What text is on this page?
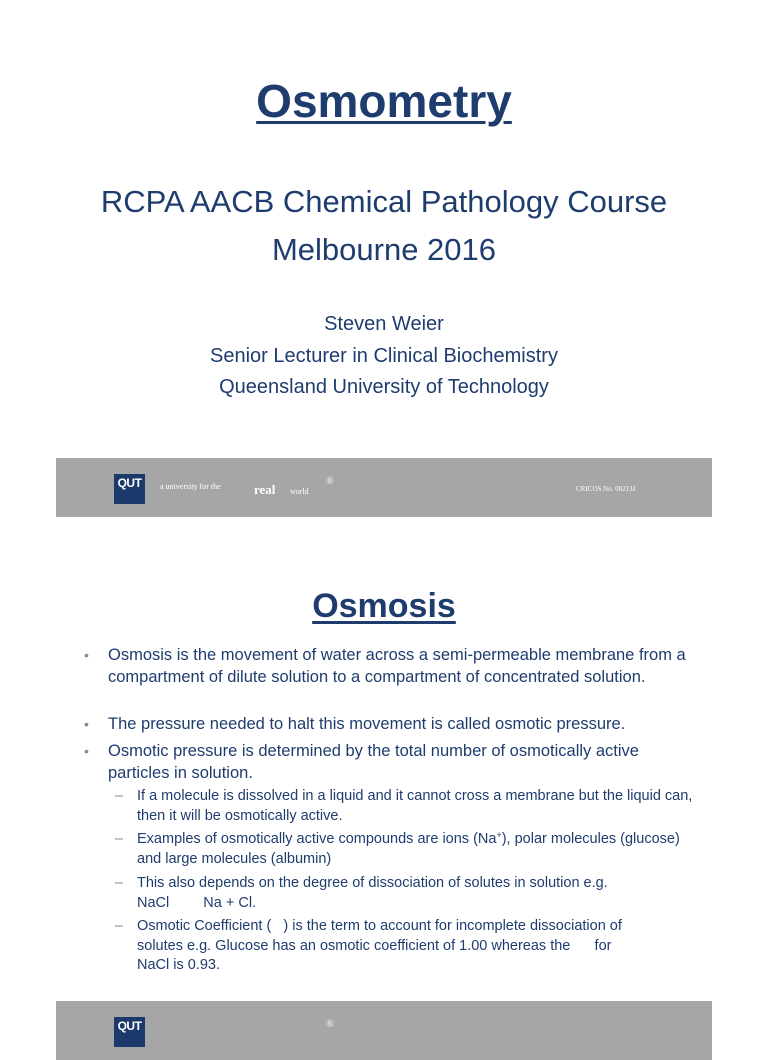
Osmometry
RCPA AACB Chemical Pathology Course
Melbourne 2016
Steven Weier
Senior Lecturer in Clinical Biochemistry
Queensland University of Technology
QUT	a university for the	real world
®
CRICOS No. 00213J
Osmosis
• Osmosis is the movement of water across a semi-permeable membrane from a compartment of dilute solution to a compartment of concentrated solution.
• The pressure needed to halt this movement is called osmotic pressure.
• Osmotic pressure is determined by the total number of osmotically active particles in solution.
– If a molecule is dissolved in a liquid and it cannot cross a membrane but the liquid can, then it will be osmotically active.
– Examples of osmotically active compounds are ions (Na+), polar molecules (glucose) and large molecules (albumin)
– This also depends on the degree of dissociation of solutes in solution e.g.
NaCl Na + Cl.
– Osmotic Coefficient (   ) is the term to account for incomplete dissociation of
solutes e.g. Glucose has an osmotic coefficient of 1.00 whereas the      for
NaCl is 0.93.
QUT	®
